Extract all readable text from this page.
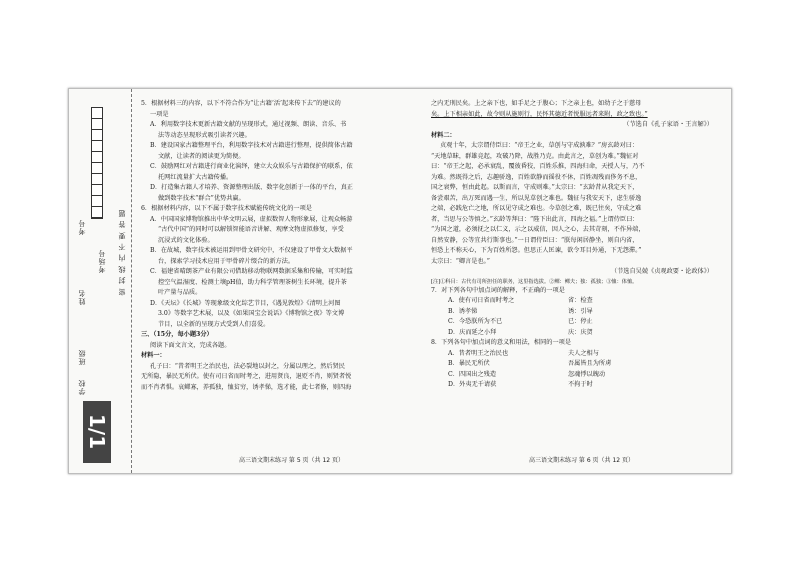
考号
姓名
班级
考场号 密 封 线 内 不 要 答 题
学校
1/1

5．根据材料三的内容，以下不符合作为“让古籍‘活’起来传下去”的建议的

一项是

A．利用数字技术更新古籍文献的呈现形式，通过视频、朗读、音乐、书

法等动态呈现形式吸引读者兴趣。

B．建设国家古籍整理平台，利用数字技术对古籍进行整理，提供简体古籍

文献，让读者的阅读更为简便。

C．鼓励网红对古籍进行商业化演绎，建立大众娱乐与古籍保护的联系，依

托网红流量扩大古籍传播。

D．打造集古籍人才培养、资源整理出版、数字化创新于一体的平台，真正

做到数字技术“群合”优势共赢。

6．根据材料内容，以下不属于数字技术赋能传统文化的一项是

A．中国国家博物馆推出中华文明云展，虚拟数智人物形象展，让观众畅游

“古代中国”的同时可以解锁智能语音讲解、观摩文物虚拟修复，享受

沉浸式的文化体验。

B．在故城，数字技术被运用到甲骨文研究中，不仅建设了甲骨文大数据平

台，探索学习技术应用于甲骨碎片缀合的新方法。

C．福建省晴朗茶产业有限公司借助移动物联网数据采集和传输，可实时监

控空气温湿度、检测土壤pH值，助力科学管理茶树生长环境，提升茶

叶产量与品质。

D．《天坛》《长城》等现象级文化综艺节目，《遇见敦煌》《清明上河图

3.0》等数字艺术展，以及《如果国宝会说话》《博物馆之夜》等文博

节目，以全新的呈现方式受到人们喜爱。

三、（15分，每小题3分）

阅读下面文言文，完成各题。

材料一：

孔子曰：“昔者明王之治民也，法必裂地以封之，分属以理之，然后贤民

无所隐，暴民无所伏。使有司日省而时考之，进用贤良，退贬不肖，则贤者悦

而不肖者惧。哀鳏寡，养孤独，恤贫穷，诱孝悌，选才能，此七者修，则四海

之内无刑民矣。上之亲下也，如手足之于腹心；下之亲上也，如幼子之于慈母

矣。上下相亲如此，故令则从施则行，民怀其德近者悦服远者来附，政之致也。”

（节选自《孔子家语・王言解》）

材料二：

贞观十年，太宗谓侍臣曰：“帝王之业，草创与守成孰难？”房玄龄对曰：

“天地草昧，群雄竞起，攻破乃降，战胜乃克。由此言之，草创为难。”魏征对

曰：“帝王之起，必承衰乱，覆彼昏狡，百姓乐推，四海归命，天授人与，乃不

为难。然既得之后，志趣骄逸，百姓欲静而徭役不休，百姓凋残而侈务不息，

国之衰弊，恒由此起。以斯而言，守成则难。”太宗曰：“玄龄昔从我定天下，

备尝艰苦，出万死而遇一生，所以见草创之难也。魏征与我安天下，虑生骄逸

之端，必践危亡之地，所以见守成之难也。今草创之难，既已往矣，守成之难

者，当思与公等慎之。”玄龄等拜曰：“陛下出此言，四海之福。”上谓侍臣曰：

“为国之道，必须抚之以仁义，示之以威信，因人之心，去其苛刻，不作异端，

自然安静，公等宜共行斯事也。”一日谓侍臣曰：“朕每闲居静坐，则自内省，

恒恐上不称天心，下为百姓所怨。但思正人匡谏，欲令耳目外通，下无怨滞。”

太宗曰：“卿言是也。”

（节选自吴兢《贞观政要・论政体》）

[注]①科目：古代有司所担任的职务，这里指选拔。②鳏：鳏夫；独：孤独；③恤：体恤。

7．对下列各句中加点词的解释，不正确的一项是

A．使有司日省而时考之	省：检查
B．诱孝悌	诱：引导
C．今恐朕所为不已	已：停止
D．庆而延之小拜	庆：庆贺

8．下列各句中加点词的意义和用法，相同的一项是

A．昔者明王之治民也	夫人之相与
B．暴民无所伏	吾属皆且为所虏
C．四国出之残造	忽魂悸以魄动
D．外夷无千请获	不拘于时
高三语文期末练习 第 5 页（共 12 页）	高三语文期末练习 第 6 页（共 12 页）
